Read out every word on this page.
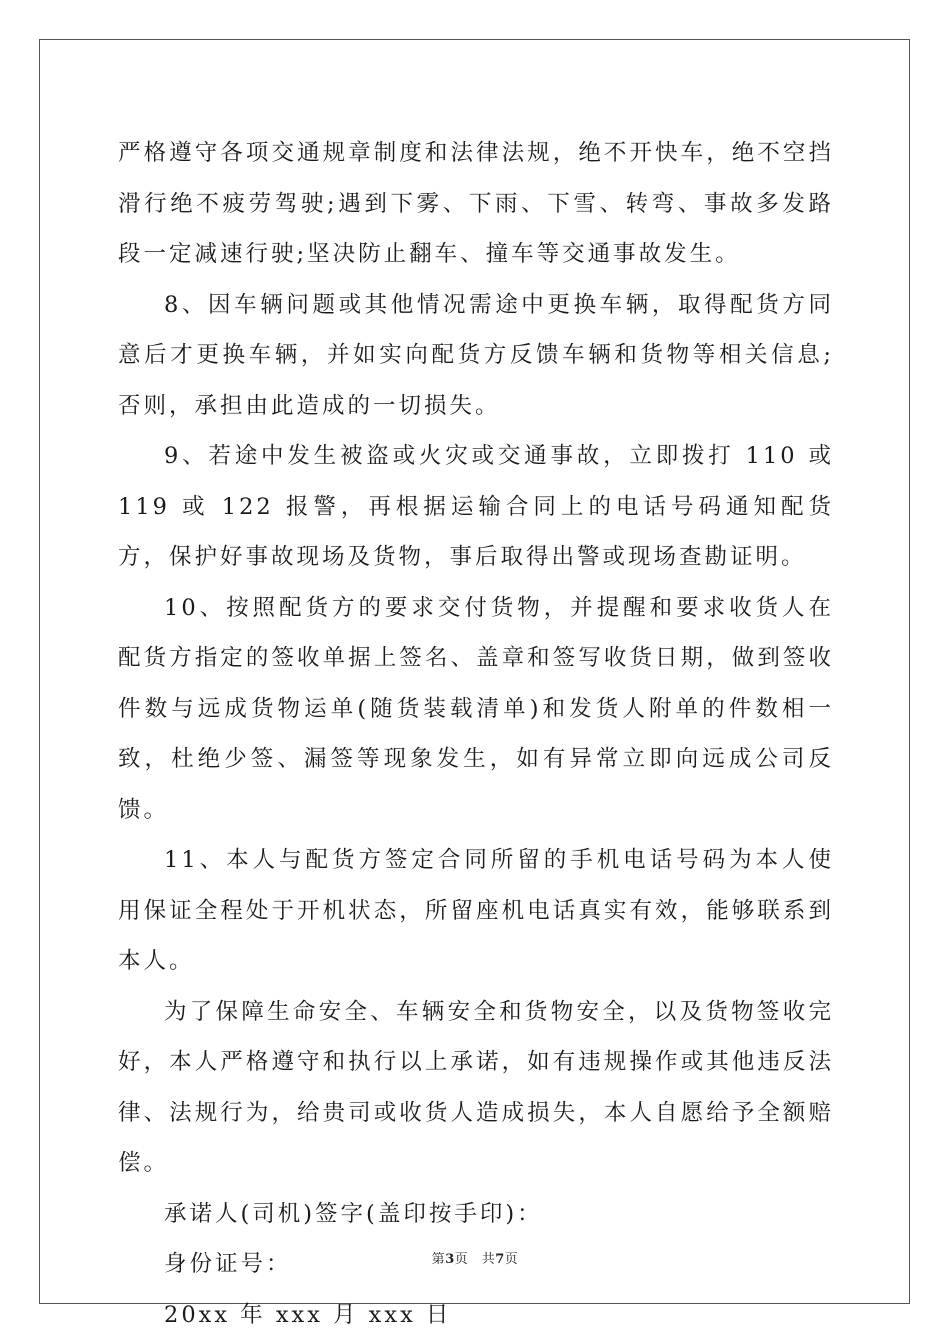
严格遵守各项交通规章制度和法律法规，绝不开快车，绝不空挡滑行绝不疲劳驾驶;遇到下雾、下雨、下雪、转弯、事故多发路段一定减速行驶;坚决防止翻车、撞车等交通事故发生。

8、因车辆问题或其他情况需途中更换车辆，取得配货方同意后才更换车辆，并如实向配货方反馈车辆和货物等相关信息;否则，承担由此造成的一切损失。

9、若途中发生被盗或火灾或交通事故，立即拨打 110 或 119 或 122 报警，再根据运输合同上的电话号码通知配货方，保护好事故现场及货物，事后取得出警或现场查勘证明。

10、按照配货方的要求交付货物，并提醒和要求收货人在配货方指定的签收单据上签名、盖章和签写收货日期，做到签收件数与远成货物运单(随货装载清单)和发货人附单的件数相一致，杜绝少签、漏签等现象发生，如有异常立即向远成公司反馈。

11、本人与配货方签定合同所留的手机电话号码为本人使用保证全程处于开机状态，所留座机电话真实有效，能够联系到本人。

为了保障生命安全、车辆安全和货物安全，以及货物签收完好，本人严格遵守和执行以上承诺，如有违规操作或其他违反法律、法规行为，给贵司或收货人造成损失，本人自愿给予全额赔偿。

承诺人(司机)签字(盖印按手印)：

身份证号：

20xx 年 xxx 月 xxx 日

第3页　共7页
